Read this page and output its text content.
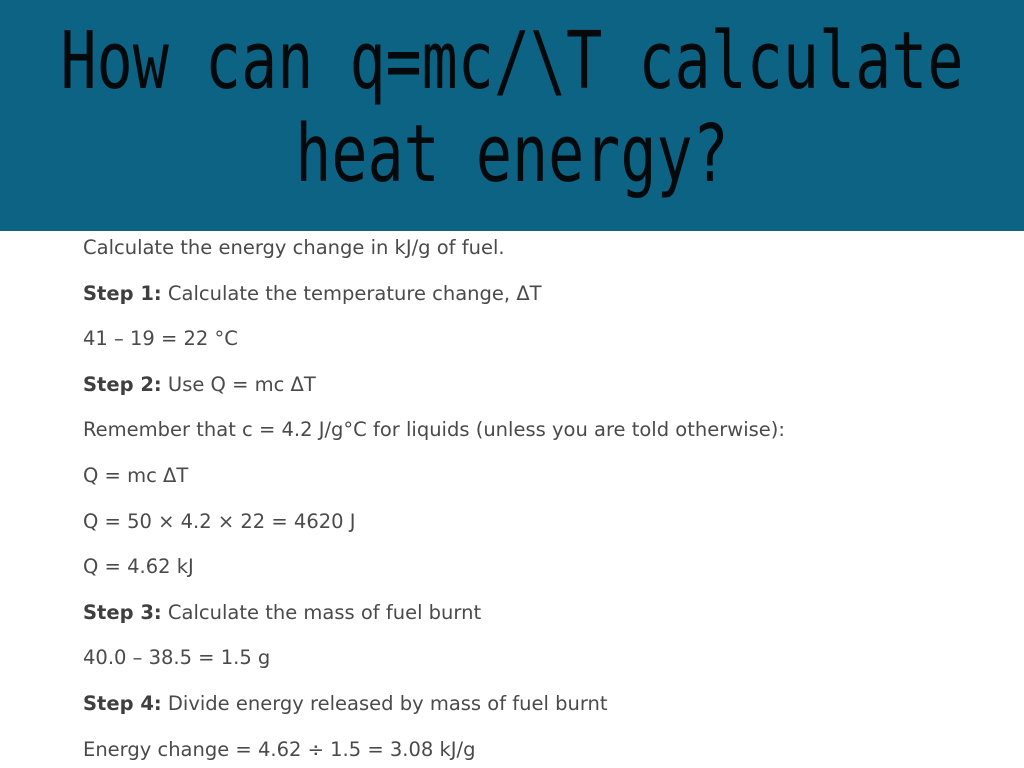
How can q=mc/\T calculate
heat energy?

Calculate the energy change in kJ/g of fuel.

Step 1: Calculate the temperature change, ΔT

41 – 19 = 22 °C

Step 2: Use Q = mc ΔT

Remember that c = 4.2 J/g°C for liquids (unless you are told otherwise):

Q = mc ΔT

Q = 50 × 4.2 × 22 = 4620 J

Q = 4.62 kJ

Step 3: Calculate the mass of fuel burnt

40.0 – 38.5 = 1.5 g

Step 4: Divide energy released by mass of fuel burnt

Energy change = 4.62 ÷ 1.5 = 3.08 kJ/g
